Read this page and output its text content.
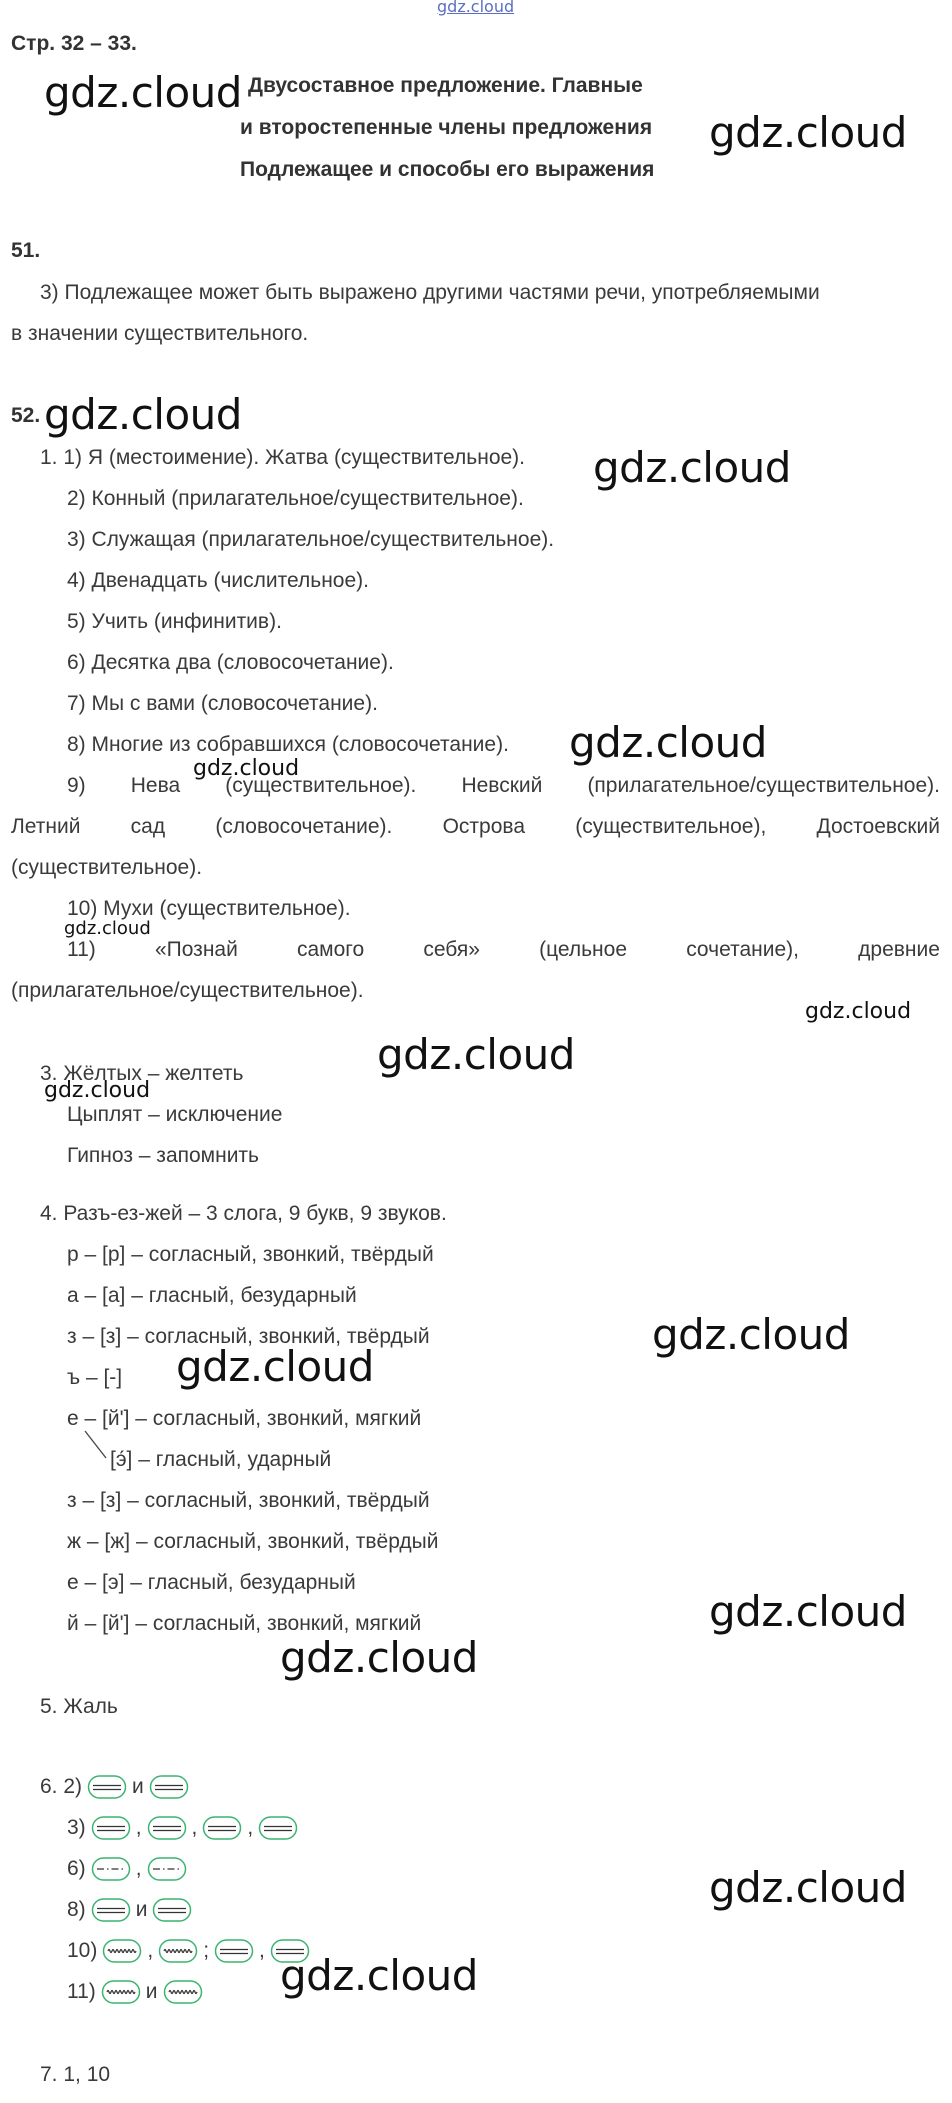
gdz.cloud
Стр. 32 – 33.
Двусоставное предложение. Главные
и второстепенные члены предложения
Подлежащее и способы его выражения
51.
3) Подлежащее может быть выражено другими частями речи, употребляемыми
в значении существительного.
52.
1. 1) Я (местоимение). Жатва (существительное).
2) Конный (прилагательное/существительное).
3) Служащая (прилагательное/существительное).
4) Двенадцать (числительное).
5) Учить (инфинитив).
6) Десятка два (словосочетание).
7) Мы с вами (словосочетание).
8) Многие из собравшихся (словосочетание).
9) Нева (существительное). Невский (прилагательное/существительное).
Летний сад (словосочетание). Острова (существительное), Достоевский
(существительное).
10) Мухи (существительное).
11)	«Познай	самого	себя»	(цельное	сочетание),	древние
(прилагательное/существительное).
3. Жёлтых – желтеть
Цыплят – исключение
Гипноз – запомнить
4. Разъ-ез-жей – 3 слога, 9 букв, 9 звуков.
р – [р] – согласный, звонкий, твёрдый
а – [а] – гласный, безударный
з – [з] – согласный, звонкий, твёрдый
ъ – [-]
е – [й'] – согласный, звонкий, мягкий
[э́] – гласный, ударный
з – [з] – согласный, звонкий, твёрдый
ж – [ж] – согласный, звонкий, твёрдый
е – [э] – гласный, безударный
й – [й'] – согласный, звонкий, мягкий
5. Жаль
6. 2) и
3) , , ,
6) ,
8) и
10) , ; ,
11) и
7. 1, 10
gdz.cloud
gdz.cloud
gdz.cloud
gdz.cloud
gdz.cloud
gdz.cloud
gdz.cloud
gdz.cloud
gdz.cloud
gdz.cloud
gdz.cloud
gdz.cloud
gdz.cloud
gdz.cloud
gdz.cloud
gdz.cloud
